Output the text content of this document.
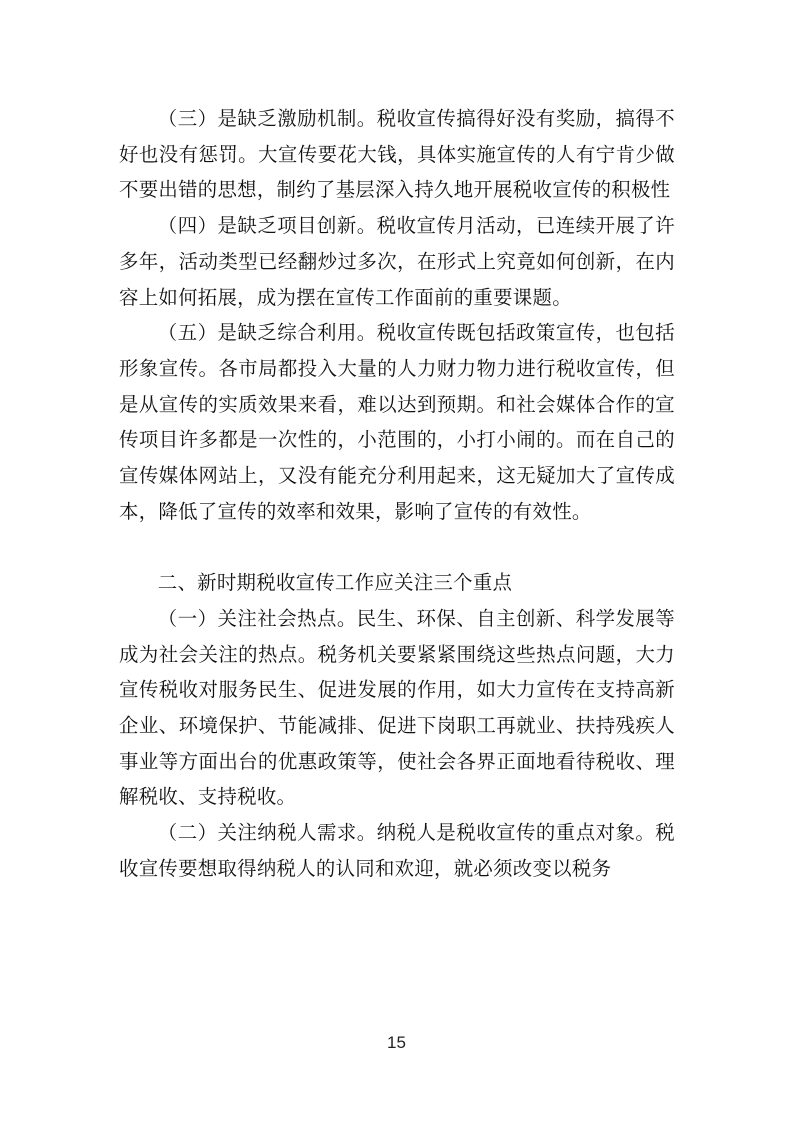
（三）是缺乏激励机制。税收宣传搞得好没有奖励，搞得不好也没有惩罚。大宣传要花大钱，具体实施宣传的人有宁肯少做不要出错的思想，制约了基层深入持久地开展税收宣传的积极性

（四）是缺乏项目创新。税收宣传月活动，已连续开展了许多年，活动类型已经翻炒过多次，在形式上究竟如何创新，在内容上如何拓展，成为摆在宣传工作面前的重要课题。

（五）是缺乏综合利用。税收宣传既包括政策宣传，也包括形象宣传。各市局都投入大量的人力财力物力进行税收宣传，但是从宣传的实质效果来看，难以达到预期。和社会媒体合作的宣传项目许多都是一次性的，小范围的，小打小闹的。而在自己的宣传媒体网站上，又没有能充分利用起来，这无疑加大了宣传成本，降低了宣传的效率和效果，影响了宣传的有效性。

二、新时期税收宣传工作应关注三个重点

（一）关注社会热点。民生、环保、自主创新、科学发展等成为社会关注的热点。税务机关要紧紧围绕这些热点问题，大力宣传税收对服务民生、促进发展的作用，如大力宣传在支持高新企业、环境保护、节能减排、促进下岗职工再就业、扶持残疾人事业等方面出台的优惠政策等，使社会各界正面地看待税收、理解税收、支持税收。

（二）关注纳税人需求。纳税人是税收宣传的重点对象。税收宣传要想取得纳税人的认同和欢迎，就必须改变以税务

15
